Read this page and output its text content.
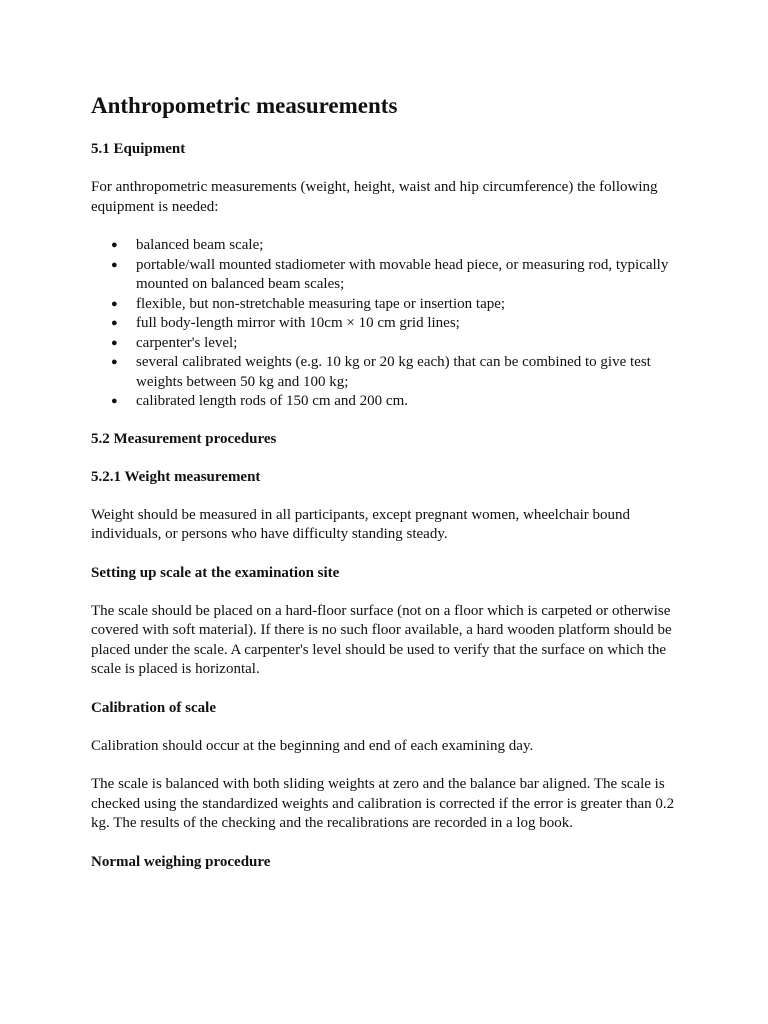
Anthropometric measurements
5.1 Equipment

For anthropometric measurements (weight, height, waist and hip circumference) the following equipment is needed:

● balanced beam scale;
● portable/wall mounted stadiometer with movable head piece, or measuring rod, typically mounted on balanced beam scales;
● flexible, but non-stretchable measuring tape or insertion tape;
● full body-length mirror with 10cm × 10 cm grid lines;
● carpenter's level;
● several calibrated weights (e.g. 10 kg or 20 kg each) that can be combined to give test weights between 50 kg and 100 kg;
● calibrated length rods of 150 cm and 200 cm.
5.2 Measurement procedures
5.2.1 Weight measurement

Weight should be measured in all participants, except pregnant women, wheelchair bound individuals, or persons who have difficulty standing steady.

Setting up scale at the examination site

The scale should be placed on a hard-floor surface (not on a floor which is carpeted or otherwise covered with soft material). If there is no such floor available, a hard wooden platform should be placed under the scale. A carpenter's level should be used to verify that the surface on which the scale is placed is horizontal.

Calibration of scale

Calibration should occur at the beginning and end of each examining day.

The scale is balanced with both sliding weights at zero and the balance bar aligned. The scale is checked using the standardized weights and calibration is corrected if the error is greater than 0.2 kg. The results of the checking and the recalibrations are recorded in a log book.

Normal weighing procedure
